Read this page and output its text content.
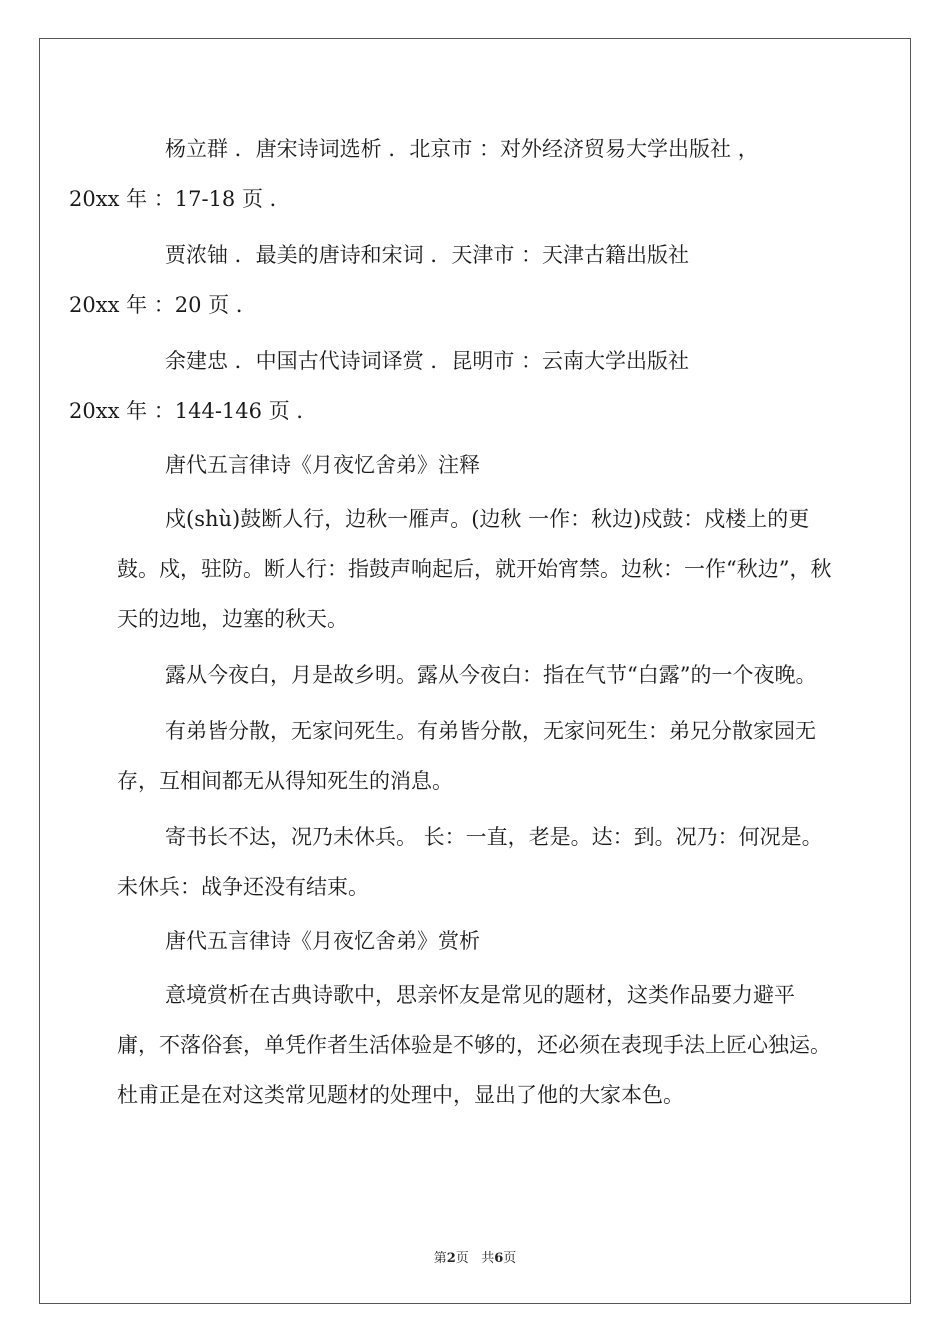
杨立群 ．唐宋诗词选析 ．北京市 ：对外经济贸易大学出版社 ，
20xx 年 ：17-18 页 ．
贾浓铀 ．最美的唐诗和宋词 ．天津市 ：天津古籍出版社
20xx 年 ：20 页 ．
余建忠 ．中国古代诗词译赏 ．昆明市 ：云南大学出版社
20xx 年 ：144-146 页 ．

唐代五言律诗《月夜忆舍弟》注释

戍(shù)鼓断人行，边秋一雁声。(边秋 一作：秋边)戍鼓：戍楼上的更鼓。戍，驻防。断人行：指鼓声响起后，就开始宵禁。边秋：一作“秋边”，秋天的边地，边塞的秋天。

露从今夜白，月是故乡明。露从今夜白：指在气节“白露”的一个夜晚。

有弟皆分散，无家问死生。有弟皆分散，无家问死生：弟兄分散家园无存，互相间都无从得知死生的消息。

寄书长不达，况乃未休兵。 长：一直，老是。达：到。况乃：何况是。未休兵：战争还没有结束。

唐代五言律诗《月夜忆舍弟》赏析

意境赏析在古典诗歌中，思亲怀友是常见的题材，这类作品要力避平庸，不落俗套，单凭作者生活体验是不够的，还必须在表现手法上匠心独运。杜甫正是在对这类常见题材的处理中，显出了他的大家本色。

第2页   共6页
